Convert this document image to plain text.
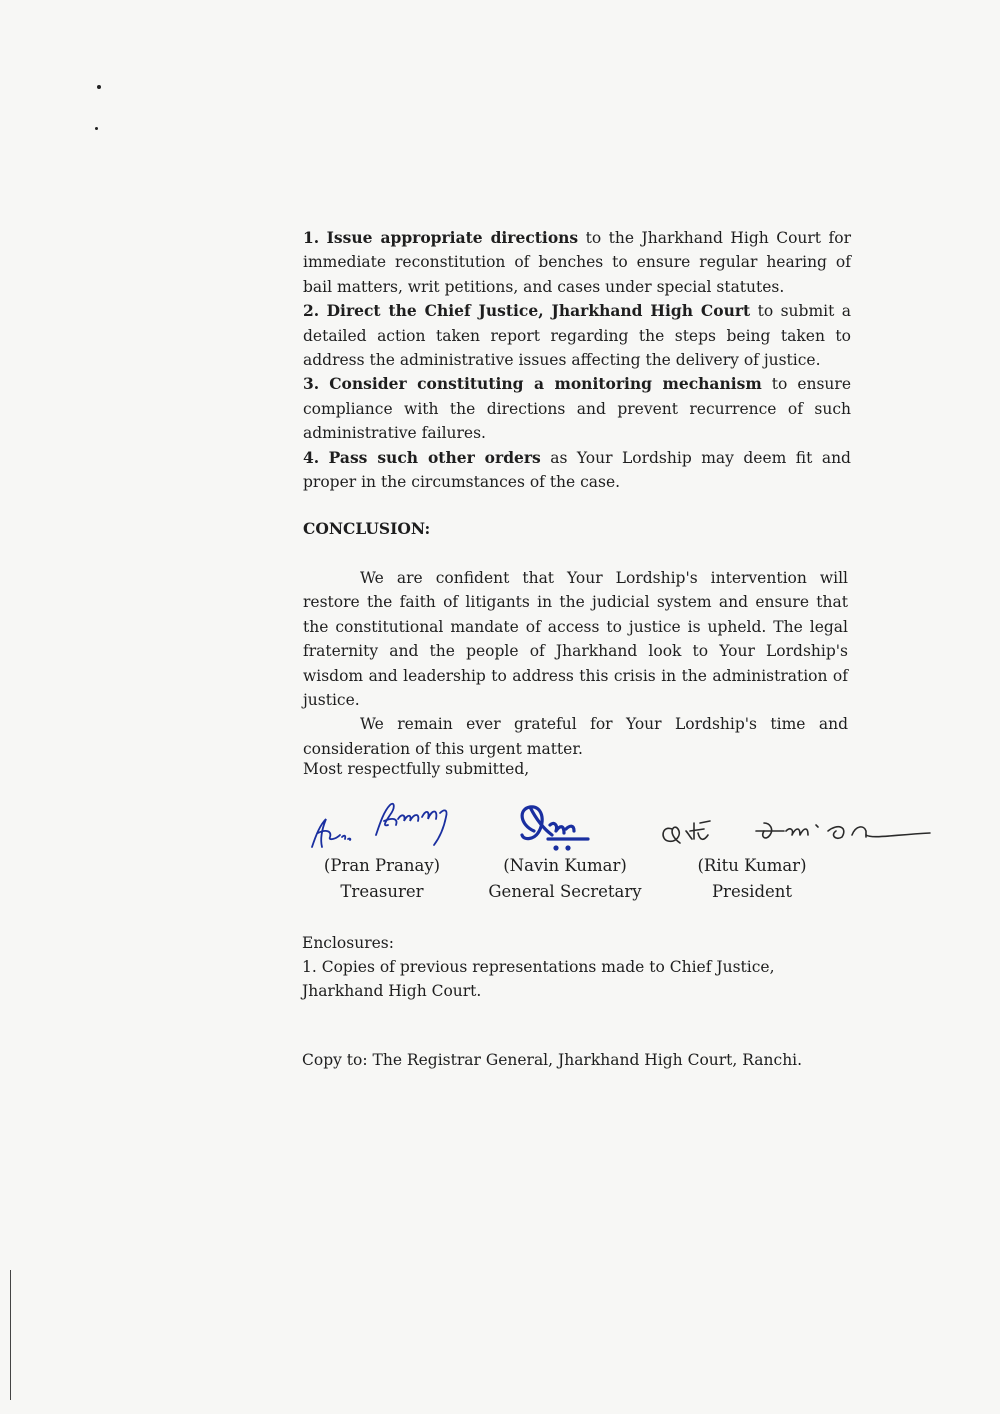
1. Issue appropriate directions to the Jharkhand High Court for immediate reconstitution of benches to ensure regular hearing of bail matters, writ petitions, and cases under special statutes.

2. Direct the Chief Justice, Jharkhand High Court to submit a detailed action taken report regarding the steps being taken to address the administrative issues affecting the delivery of justice.

3. Consider constituting a monitoring mechanism to ensure compliance with the directions and prevent recurrence of such administrative failures.

4. Pass such other orders as Your Lordship may deem fit and proper in the circumstances of the case.

CONCLUSION:

We are confident that Your Lordship's intervention will restore the faith of litigants in the judicial system and ensure that the constitutional mandate of access to justice is upheld. The legal fraternity and the people of Jharkhand look to Your Lordship's wisdom and leadership to address this crisis in the administration of justice.

We remain ever grateful for Your Lordship's time and consideration of this urgent matter.

Most respectfully submitted,
(Pran Pranay)
Treasurer
(Navin Kumar)
General Secretary
(Ritu Kumar)
President
Enclosures:
1. Copies of previous representations made to Chief Justice, Jharkhand High Court.
Copy to: The Registrar General, Jharkhand High Court, Ranchi.
